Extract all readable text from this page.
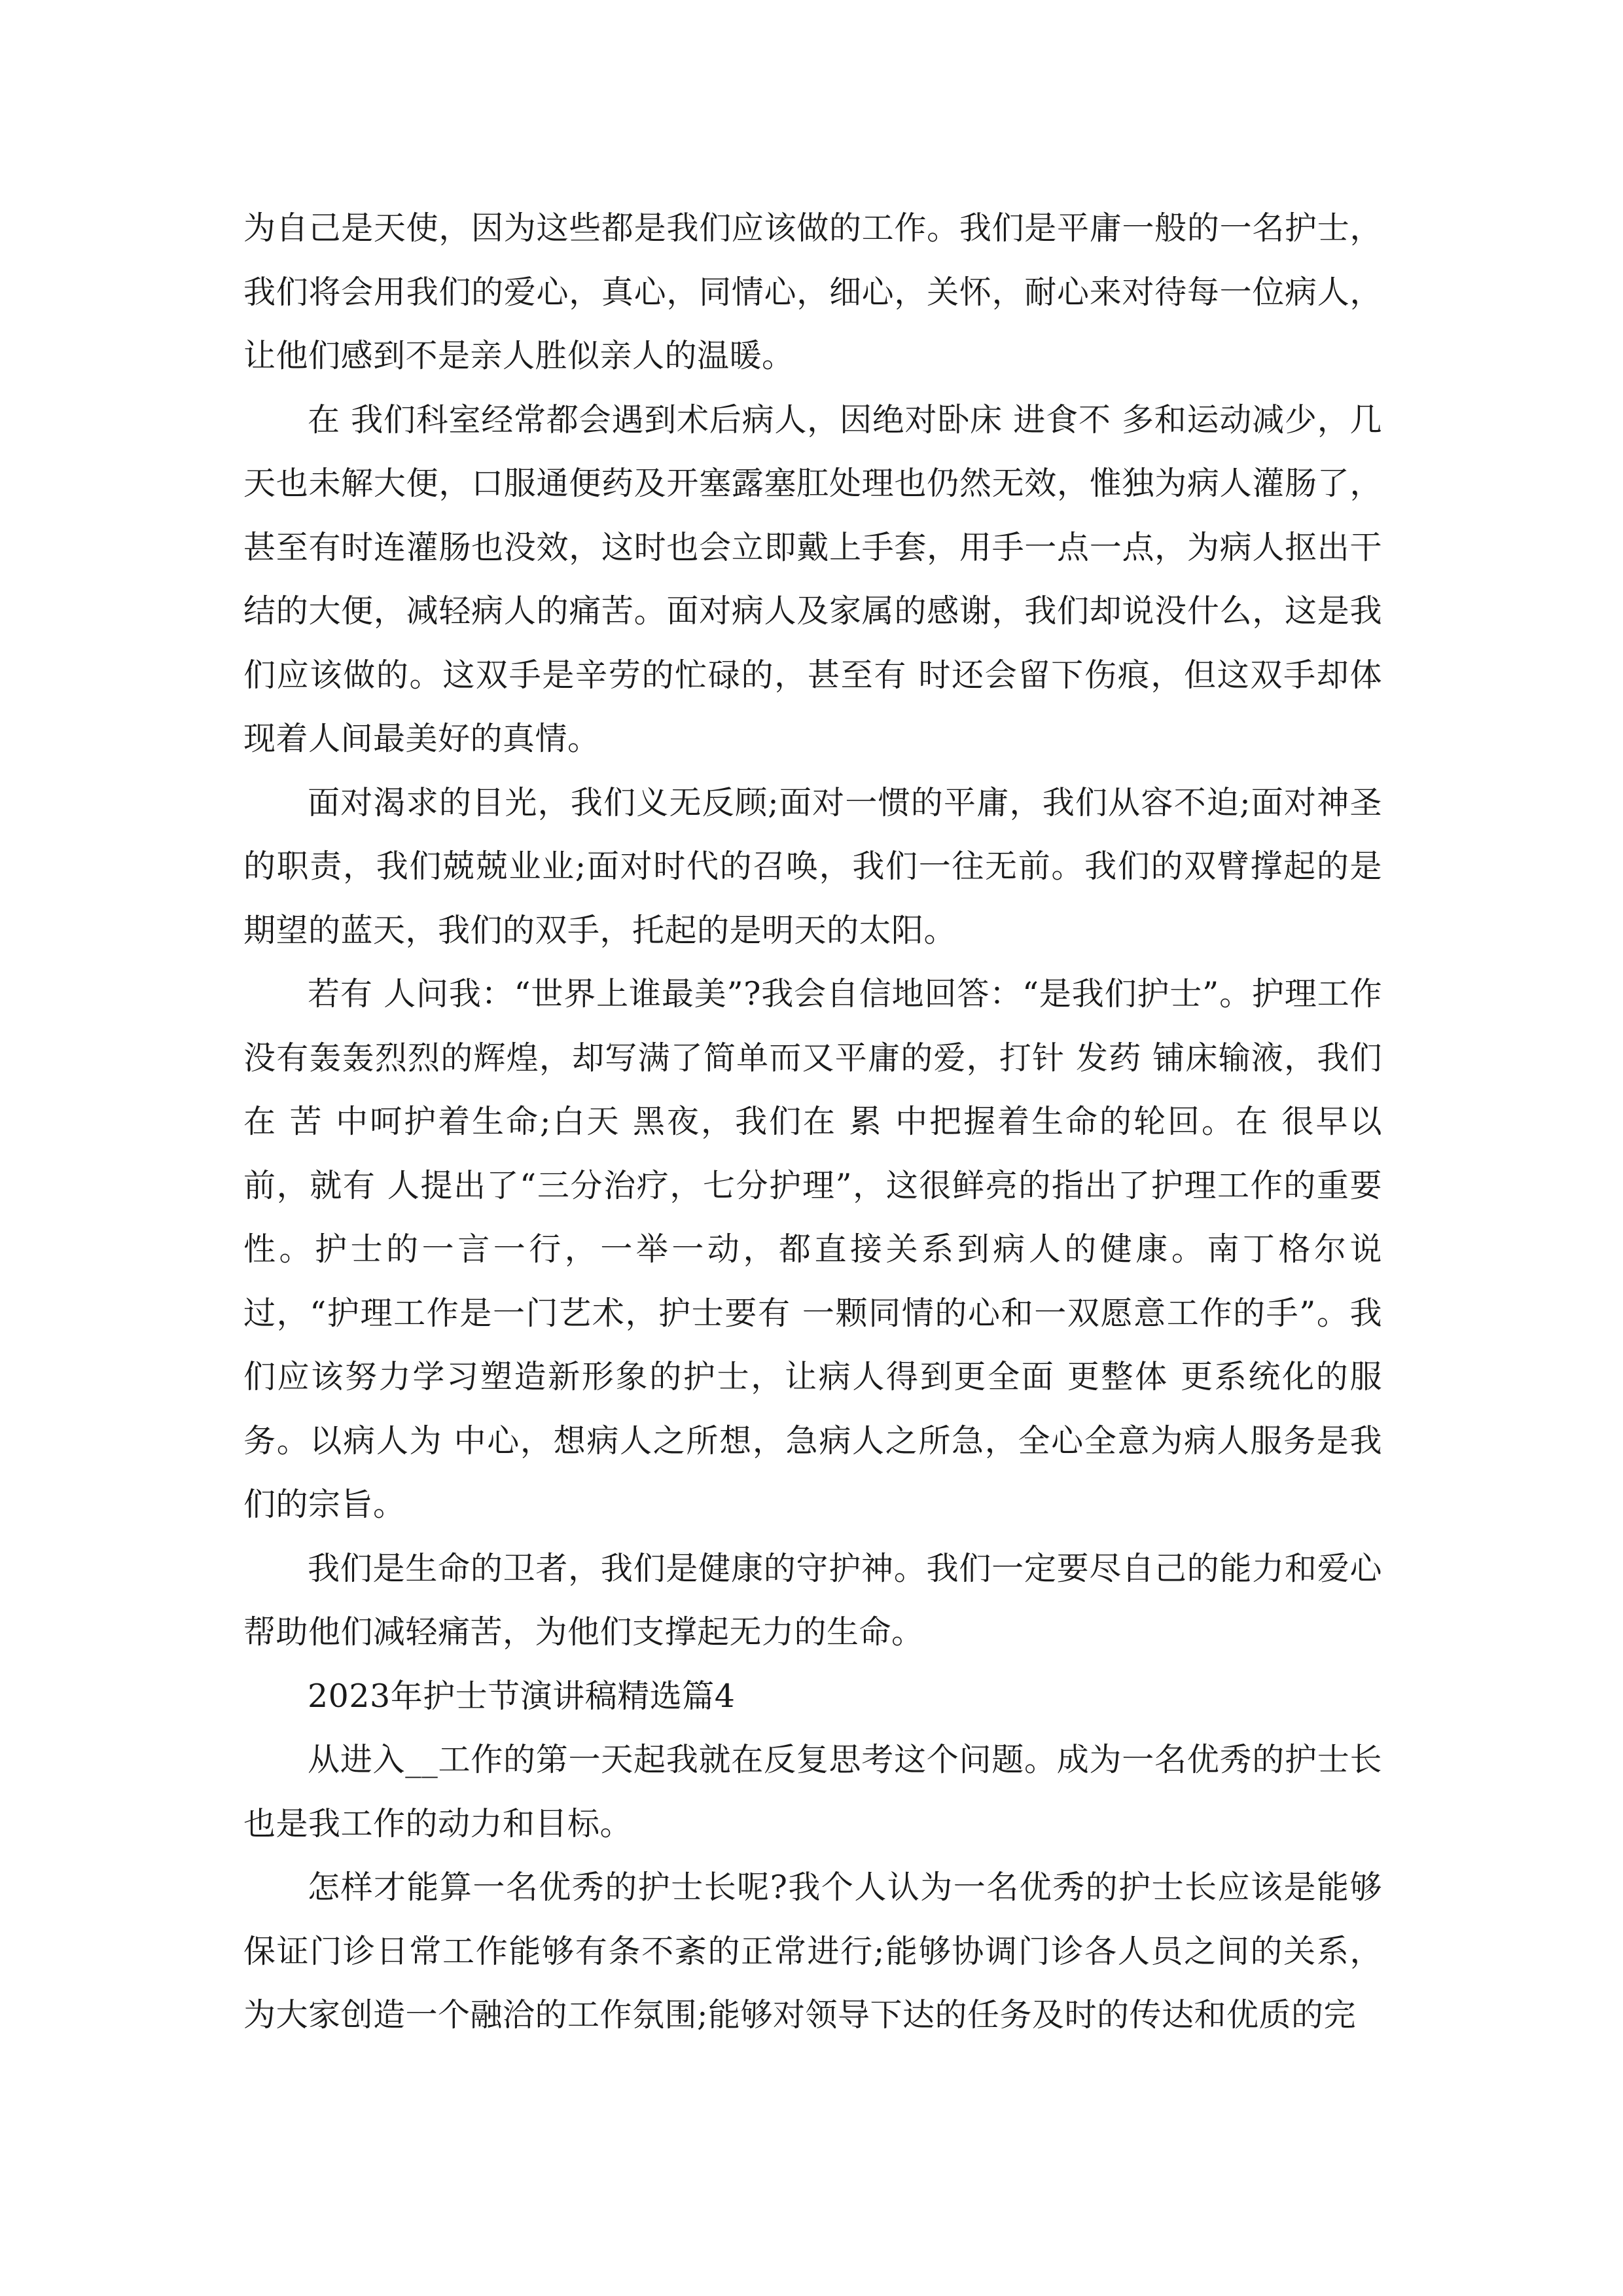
为自己是天使，因为这些都是我们应该做的工作。我们是平庸一般的一名护士，我们将会用我们的爱心，真心，同情心，细心，关怀，耐心来对待每一位病人，让他们感到不是亲人胜似亲人的温暖。

在 我们科室经常都会遇到术后病人，因绝对卧床 进食不 多和运动减少，几天也未解大便，口服通便药及开塞露塞肛处理也仍然无效，惟独为病人灌肠了，甚至有时连灌肠也没效，这时也会立即戴上手套，用手一点一点，为病人抠出干结的大便，减轻病人的痛苦。面对病人及家属的感谢，我们却说没什么，这是我们应该做的。这双手是辛劳的忙碌的，甚至有 时还会留下伤痕，但这双手却体现着人间最美好的真情。

面对渴求的目光，我们义无反顾;面对一惯的平庸，我们从容不迫;面对神圣的职责，我们兢兢业业;面对时代的召唤，我们一往无前。我们的双臂撑起的是期望的蓝天，我们的双手，托起的是明天的太阳。

若有 人问我：“世界上谁最美”?我会自信地回答：“是我们护士”。护理工作没有轰轰烈烈的辉煌，却写满了简单而又平庸的爱，打针 发药 铺床输液，我们在 苦 中呵护着生命;白天 黑夜，我们在 累 中把握着生命的轮回。在 很早以前，就有 人提出了“三分治疗，七分护理”，这很鲜亮的指出了护理工作的重要性。护士的一言一行，一举一动，都直接关系到病人的健康。南丁格尔说过，“护理工作是一门艺术，护士要有 一颗同情的心和一双愿意工作的手”。我们应该努力学习塑造新形象的护士，让病人得到更全面 更整体 更系统化的服务。以病人为 中心，想病人之所想，急病人之所急，全心全意为病人服务是我们的宗旨。

我们是生命的卫者，我们是健康的守护神。我们一定要尽自己的能力和爱心帮助他们减轻痛苦，为他们支撑起无力的生命。

2023年护士节演讲稿精选篇4

从进入__工作的第一天起我就在反复思考这个问题。成为一名优秀的护士长也是我工作的动力和目标。

怎样才能算一名优秀的护士长呢?我个人认为一名优秀的护士长应该是能够保证门诊日常工作能够有条不紊的正常进行;能够协调门诊各人员之间的关系，为大家创造一个融洽的工作氛围;能够对领导下达的任务及时的传达和优质的完
